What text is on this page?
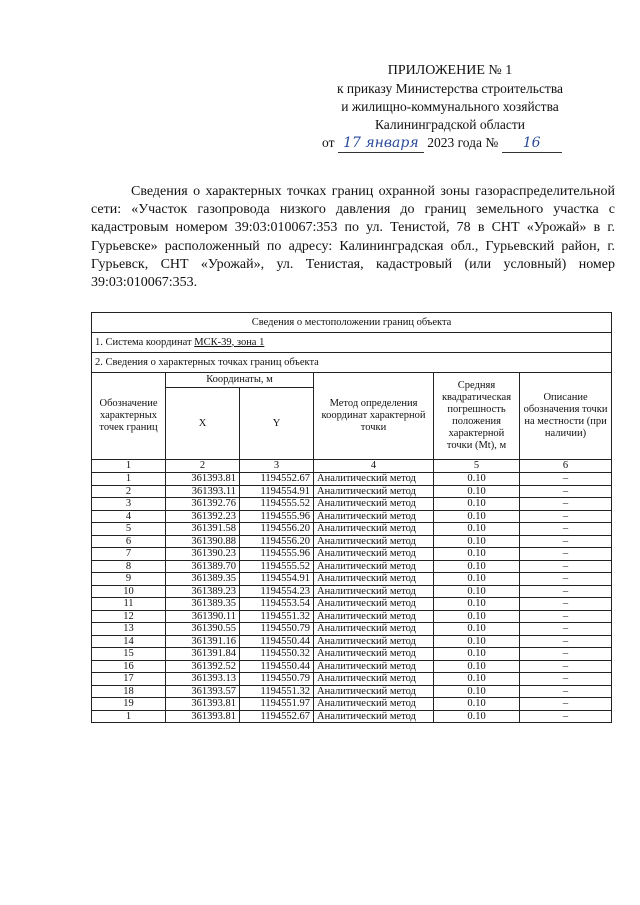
ПРИЛОЖЕНИЕ № 1
к приказу Министерства строительства
и жилищно-коммунального хозяйства
Калининградской области
от 17 января 2023 года № 16

Сведения о характерных точках границ охранной зоны газораспределительной сети: «Участок газопровода низкого давления до границ земельного участка с кадастровым номером 39:03:010067:353 по ул. Тенистой, 78 в СНТ «Урожай» в г. Гурьевске» расположенный по адресу: Калининградская обл., Гурьевский район, г. Гурьевск, СНТ «Урожай», ул. Тенистая, кадастровый (или условный) номер 39:03:010067:353.

Сведения о местоположении границ объекта					
1. Система координат МСК-39, зона 1					
2. Сведения о характерных точках границ объекта					
Обозначение характерных точек границ	Координаты, м		Метод определения координат характерной точки	Средняя квадратическая погрешность положения характерной точки (Мt), м	Описание обозначения точки на местности (при наличии)
	X	Y			
1	2	3	4	5	6
1	361393.81	1194552.67	Аналитический метод	0.10	–
2	361393.11	1194554.91	Аналитический метод	0.10	–
3	361392.76	1194555.52	Аналитический метод	0.10	–
4	361392.23	1194555.96	Аналитический метод	0.10	–
5	361391.58	1194556.20	Аналитический метод	0.10	–
6	361390.88	1194556.20	Аналитический метод	0.10	–
7	361390.23	1194555.96	Аналитический метод	0.10	–
8	361389.70	1194555.52	Аналитический метод	0.10	–
9	361389.35	1194554.91	Аналитический метод	0.10	–
10	361389.23	1194554.23	Аналитический метод	0.10	–
11	361389.35	1194553.54	Аналитический метод	0.10	–
12	361390.11	1194551.32	Аналитический метод	0.10	–
13	361390.55	1194550.79	Аналитический метод	0.10	–
14	361391.16	1194550.44	Аналитический метод	0.10	–
15	361391.84	1194550.32	Аналитический метод	0.10	–
16	361392.52	1194550.44	Аналитический метод	0.10	–
17	361393.13	1194550.79	Аналитический метод	0.10	–
18	361393.57	1194551.32	Аналитический метод	0.10	–
19	361393.81	1194551.97	Аналитический метод	0.10	–
1	361393.81	1194552.67	Аналитический метод	0.10	–
